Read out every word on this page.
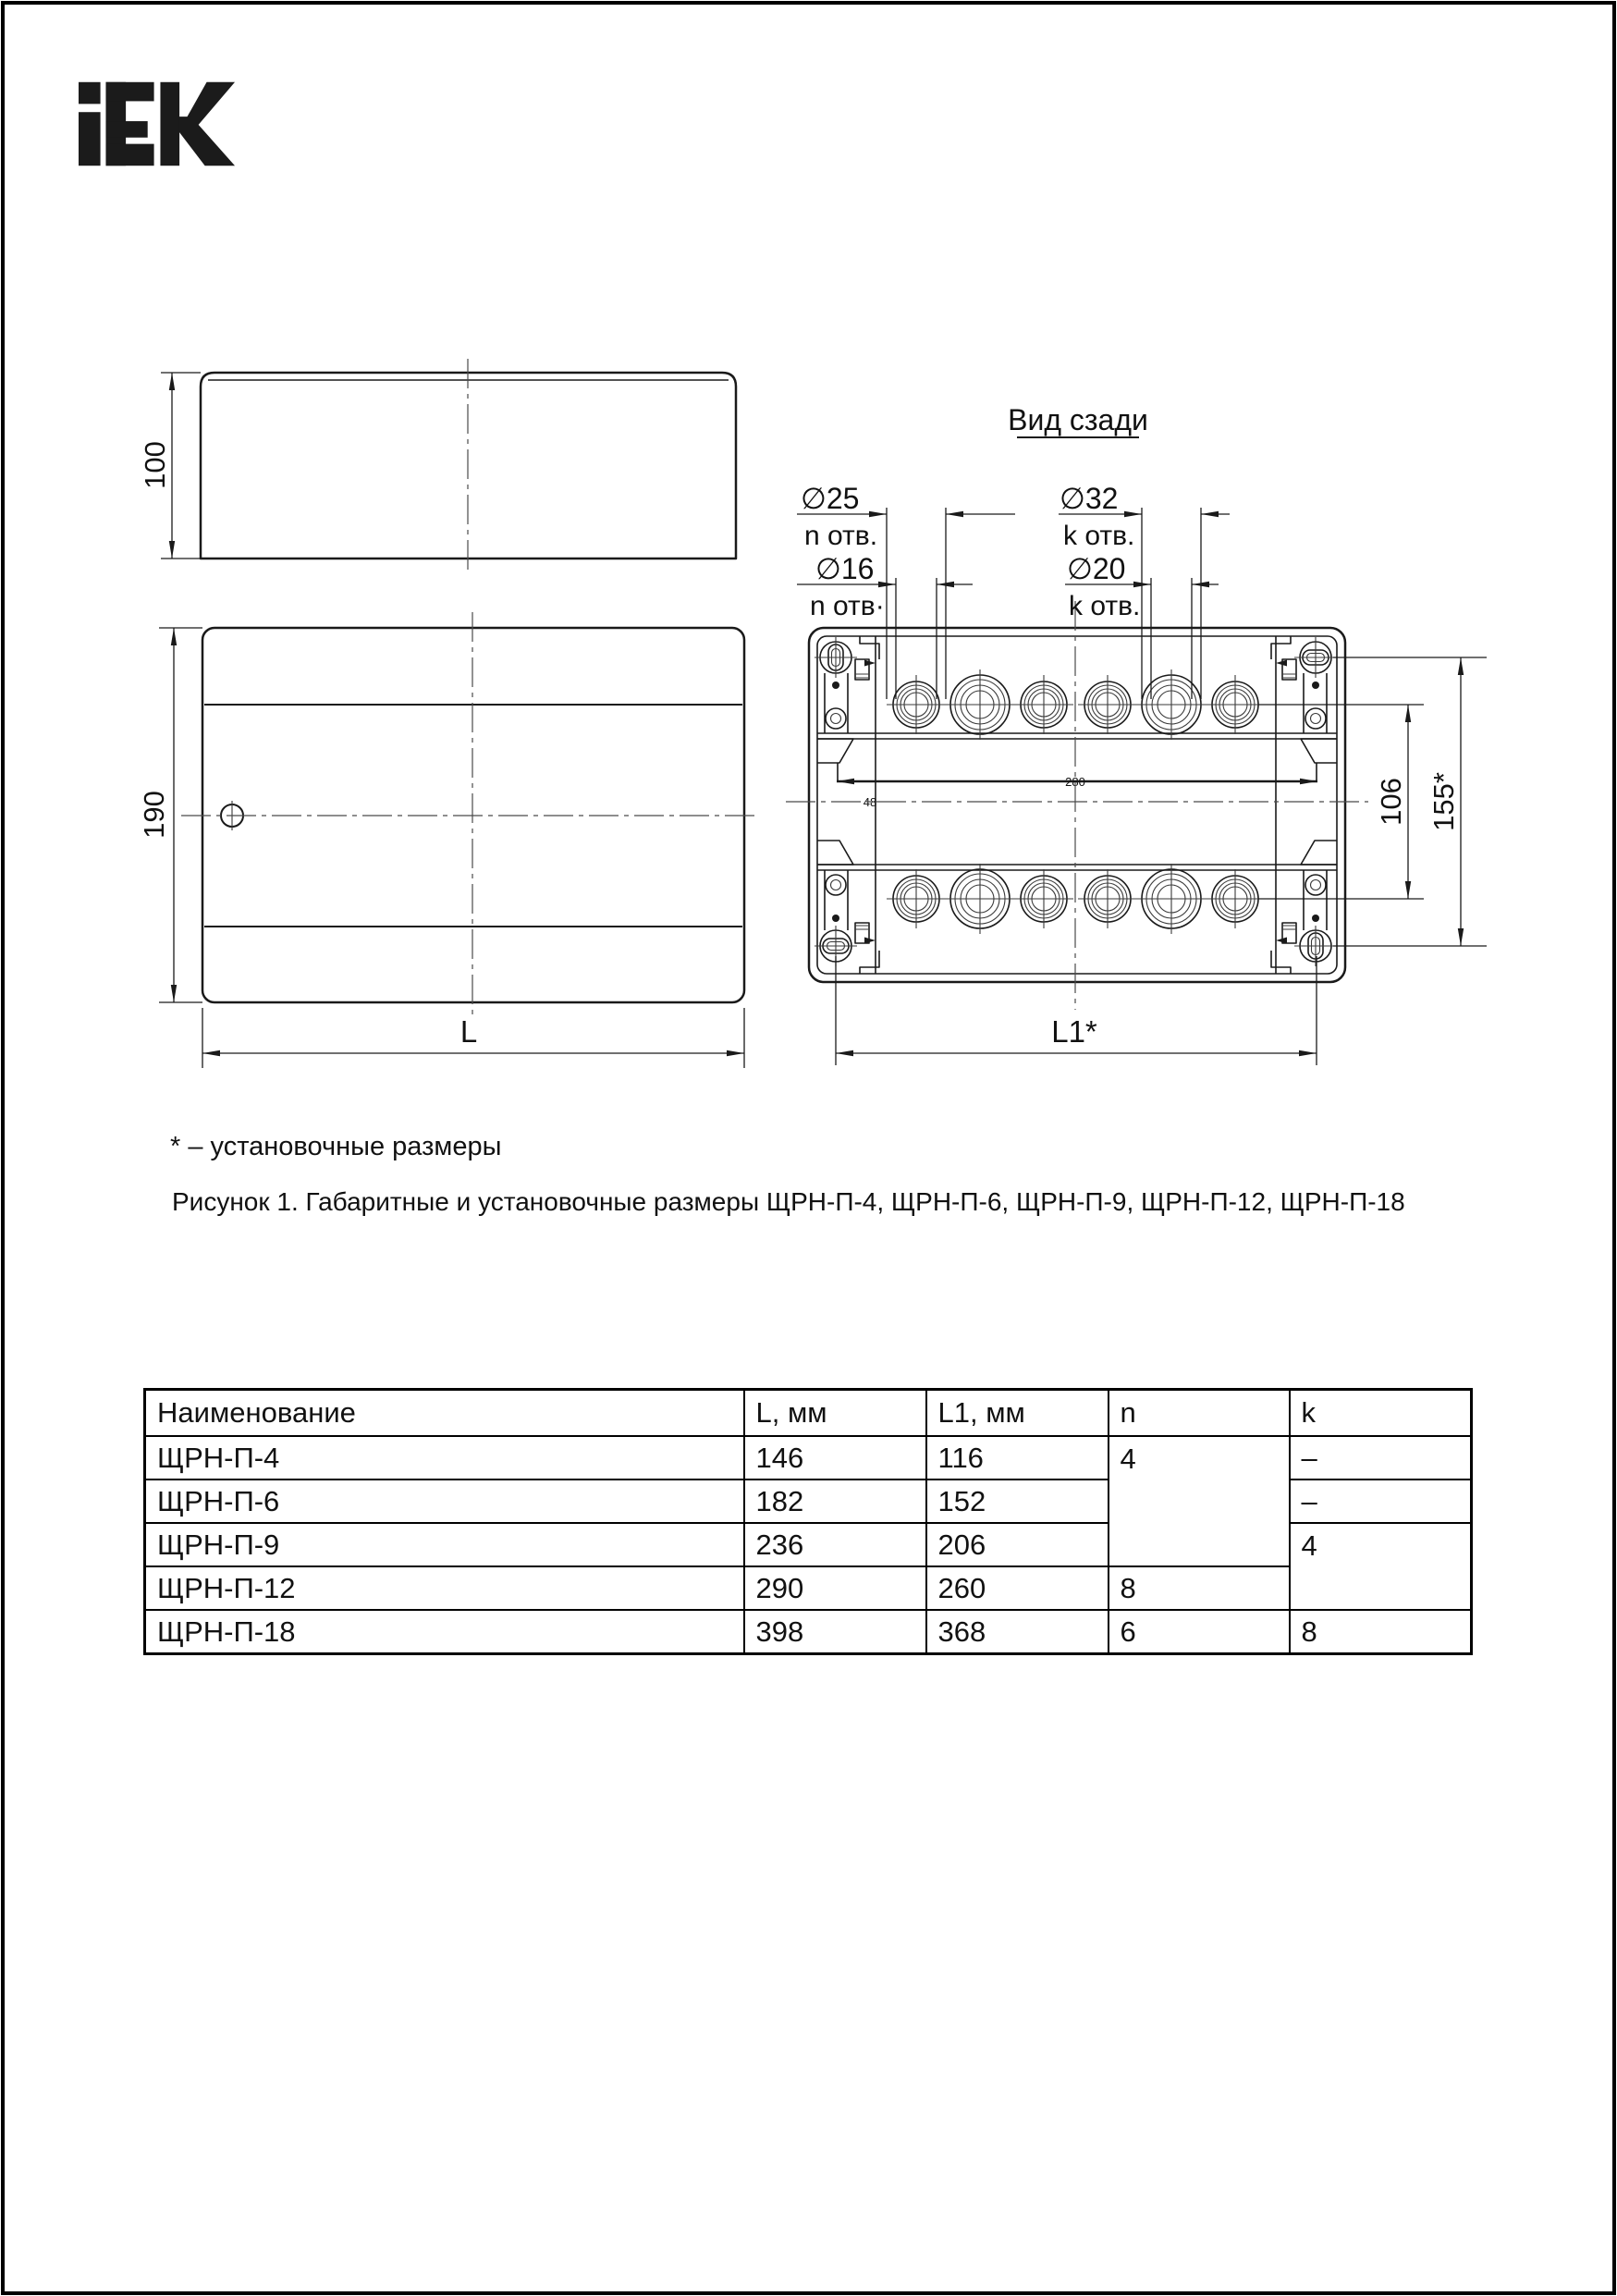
100
190
L
Вид сзади
280
48
∅25
n отв.
∅16
n отв·
∅32
k отв.
∅20
k отв.
106 155*
L1*
* – установочные размеры
Рисунок 1. Габаритные и установочные размеры ЩРН-П-4, ЩРН-П-6, ЩРН-П-9, ЩРН-П-12, ЩРН-П-18
Наименование	L, мм	L1, мм	n	k
ЩРН-П-4	146	116	4	–
ЩРН-П-6	182	152		–
ЩРН-П-9	236	206		4
ЩРН-П-12	290	260	8	
ЩРН-П-18	398	368	6	8
